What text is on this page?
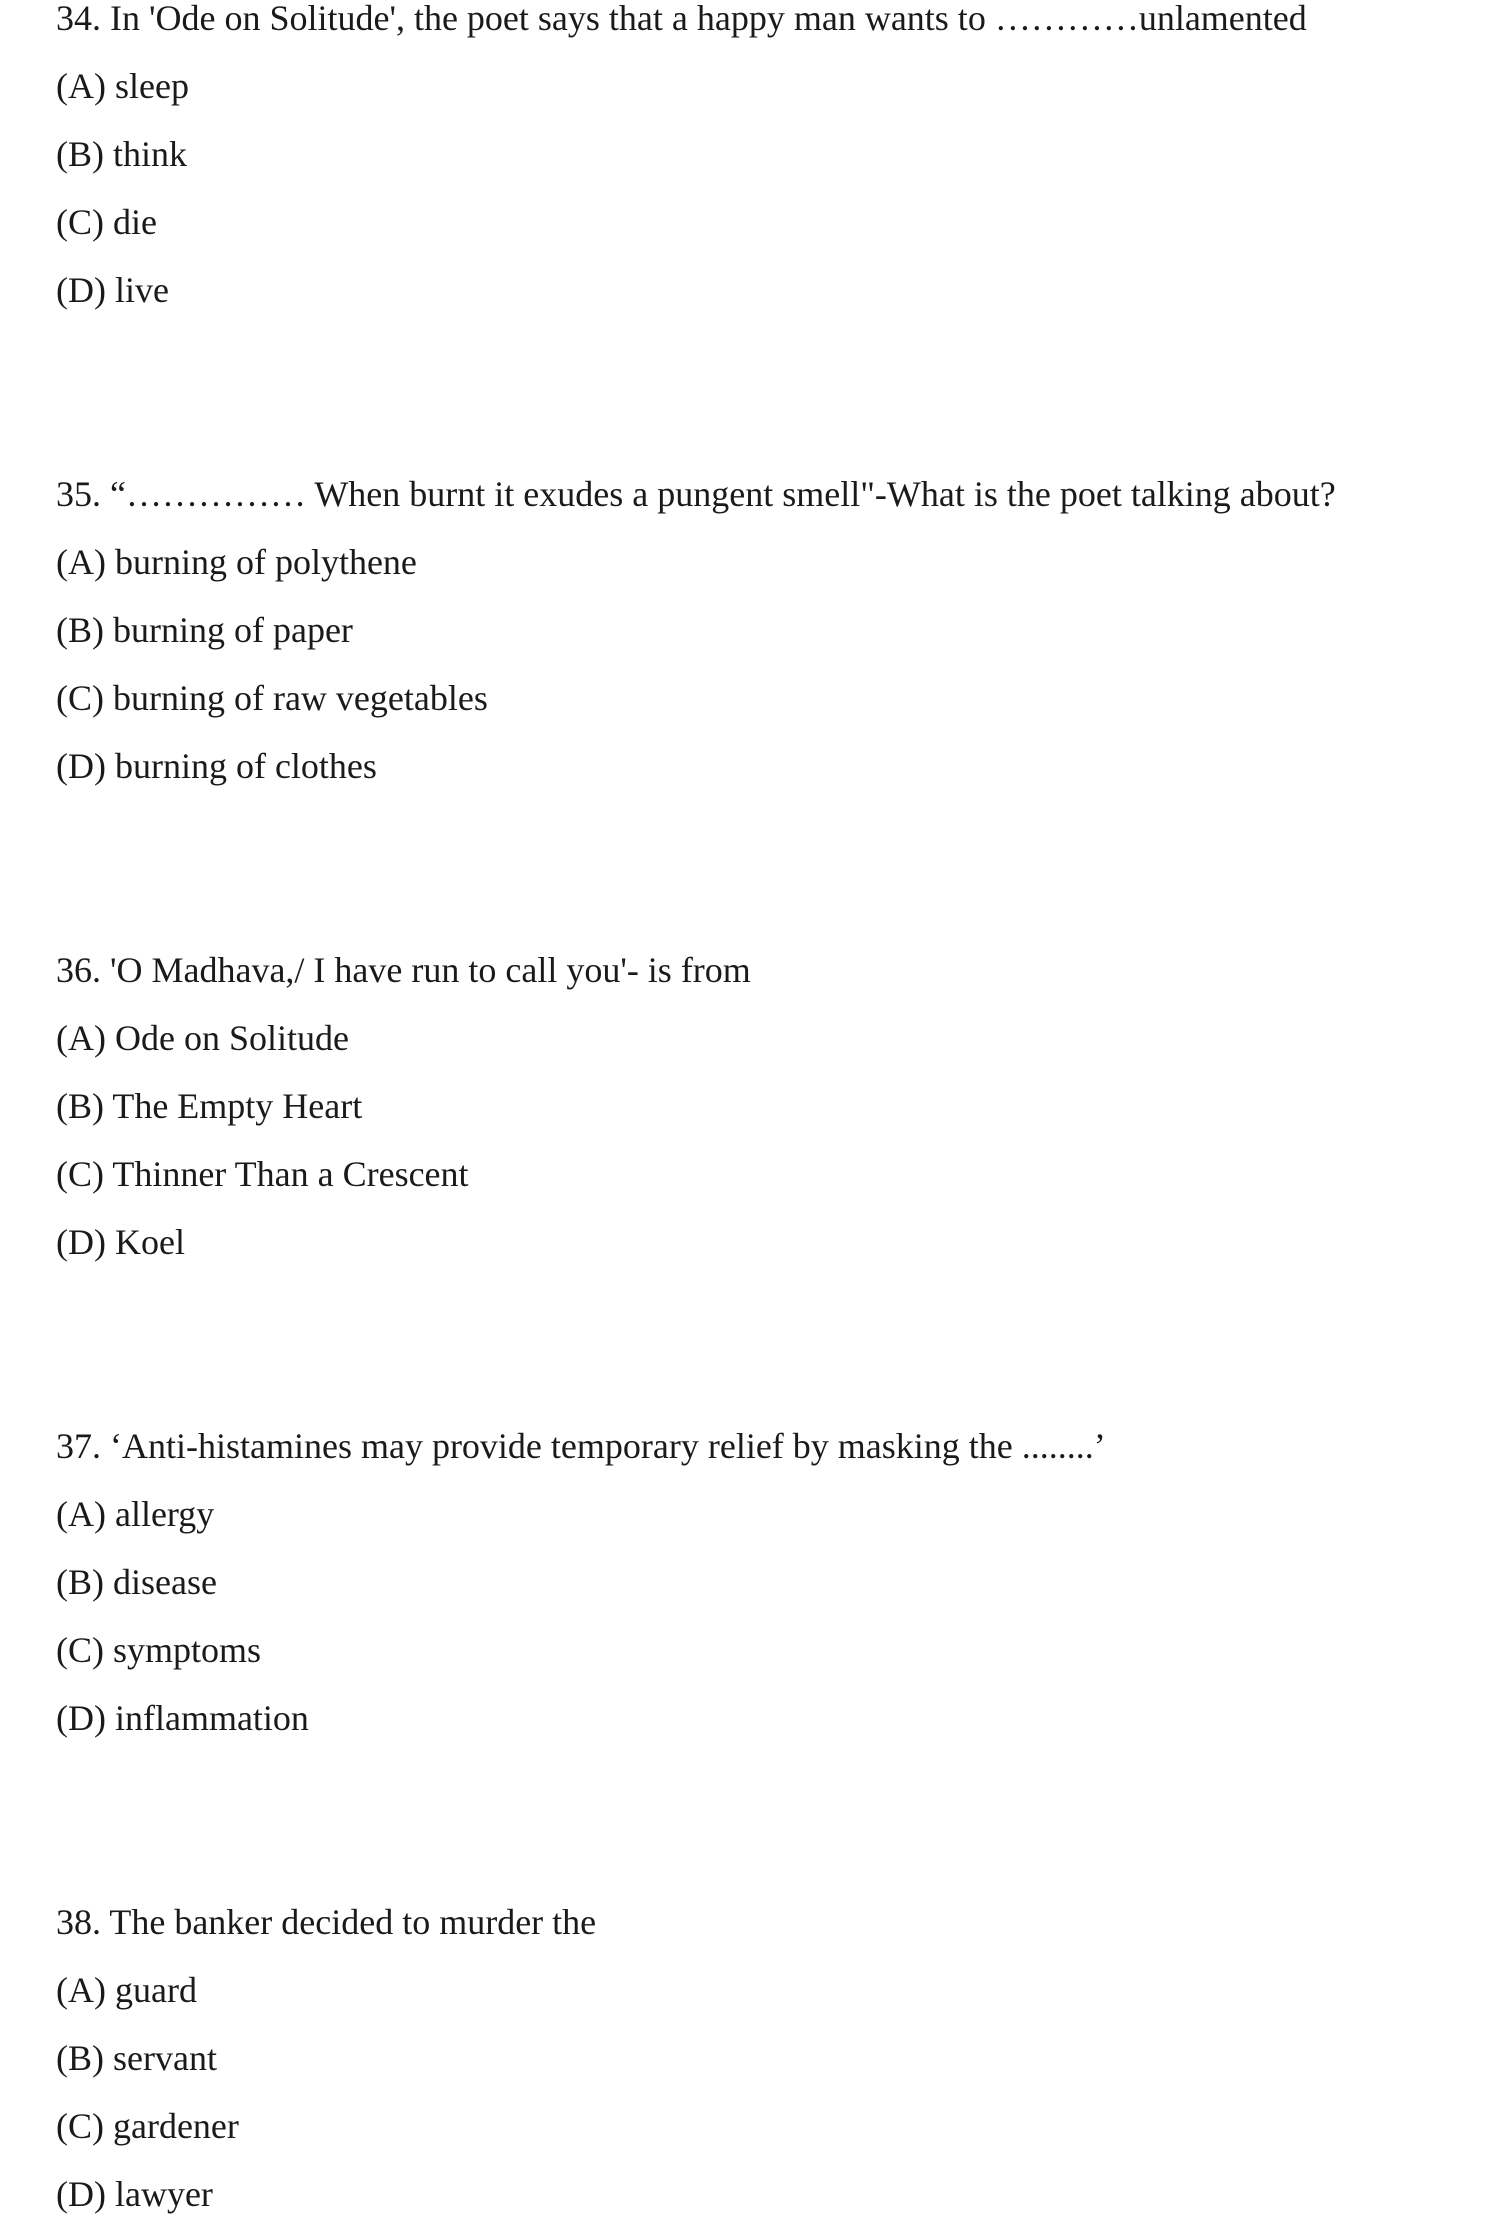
34. In 'Ode on Solitude', the poet says that a happy man wants to …………unlamented
(A) sleep
(B) think
(C) die
(D) live
35. “…………… When burnt it exudes a pungent smell"-What is the poet talking about?
(A) burning of polythene
(B) burning of paper
(C) burning of raw vegetables
(D) burning of clothes
36. 'O Madhava,/ I have run to call you'- is from
(A) Ode on Solitude
(B) The Empty Heart
(C) Thinner Than a Crescent
(D) Koel
37. ‘Anti-histamines may provide temporary relief by masking the ........’
(A) allergy
(B) disease
(C) symptoms
(D) inflammation
38. The banker decided to murder the
(A) guard
(B) servant
(C) gardener
(D) lawyer
